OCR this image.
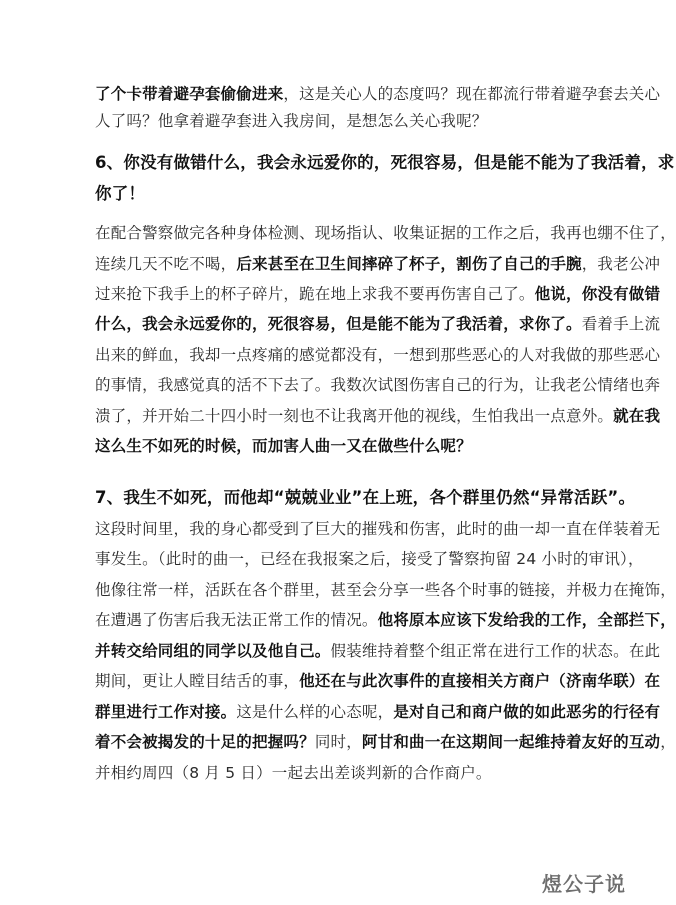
了个卡带着避孕套偷偷进来，这是关心人的态度吗？现在都流行带着避孕套去关心
人了吗？他拿着避孕套进入我房间，是想怎么关心我呢？
6、你没有做错什么，我会永远爱你的，死很容易，但是能不能为了我活着，求
你了！
在配合警察做完各种身体检测、现场指认、收集证据的工作之后，我再也绷不住了，
连续几天不吃不喝，后来甚至在卫生间摔碎了杯子，割伤了自己的手腕，我老公冲
过来抢下我手上的杯子碎片，跪在地上求我不要再伤害自己了。他说，你没有做错
什么，我会永远爱你的，死很容易，但是能不能为了我活着，求你了。看着手上流
出来的鲜血，我却一点疼痛的感觉都没有，一想到那些恶心的人对我做的那些恶心
的事情，我感觉真的活不下去了。我数次试图伤害自己的行为，让我老公情绪也奔
溃了，并开始二十四小时一刻也不让我离开他的视线，生怕我出一点意外。就在我
这么生不如死的时候，而加害人曲一又在做些什么呢？
7、我生不如死，而他却“兢兢业业”在上班，各个群里仍然“异常活跃”。
这段时间里，我的身心都受到了巨大的摧残和伤害，此时的曲一却一直在佯装着无
事发生。（此时的曲一，已经在我报案之后，接受了警察拘留 24 小时的审讯），
他像往常一样，活跃在各个群里，甚至会分享一些各个时事的链接，并极力在掩饰，
在遭遇了伤害后我无法正常工作的情况。他将原本应该下发给我的工作，全部拦下，
并转交给同组的同学以及他自己。假装维持着整个组正常在进行工作的状态。在此
期间，更让人瞠目结舌的事，他还在与此次事件的直接相关方商户（济南华联）在
群里进行工作对接。这是什么样的心态呢，是对自己和商户做的如此恶劣的行径有
着不会被揭发的十足的把握吗？同时，阿甘和曲一在这期间一起维持着友好的互动，
并相约周四（8 月 5 日）一起去出差谈判新的合作商户。
煜公子说
